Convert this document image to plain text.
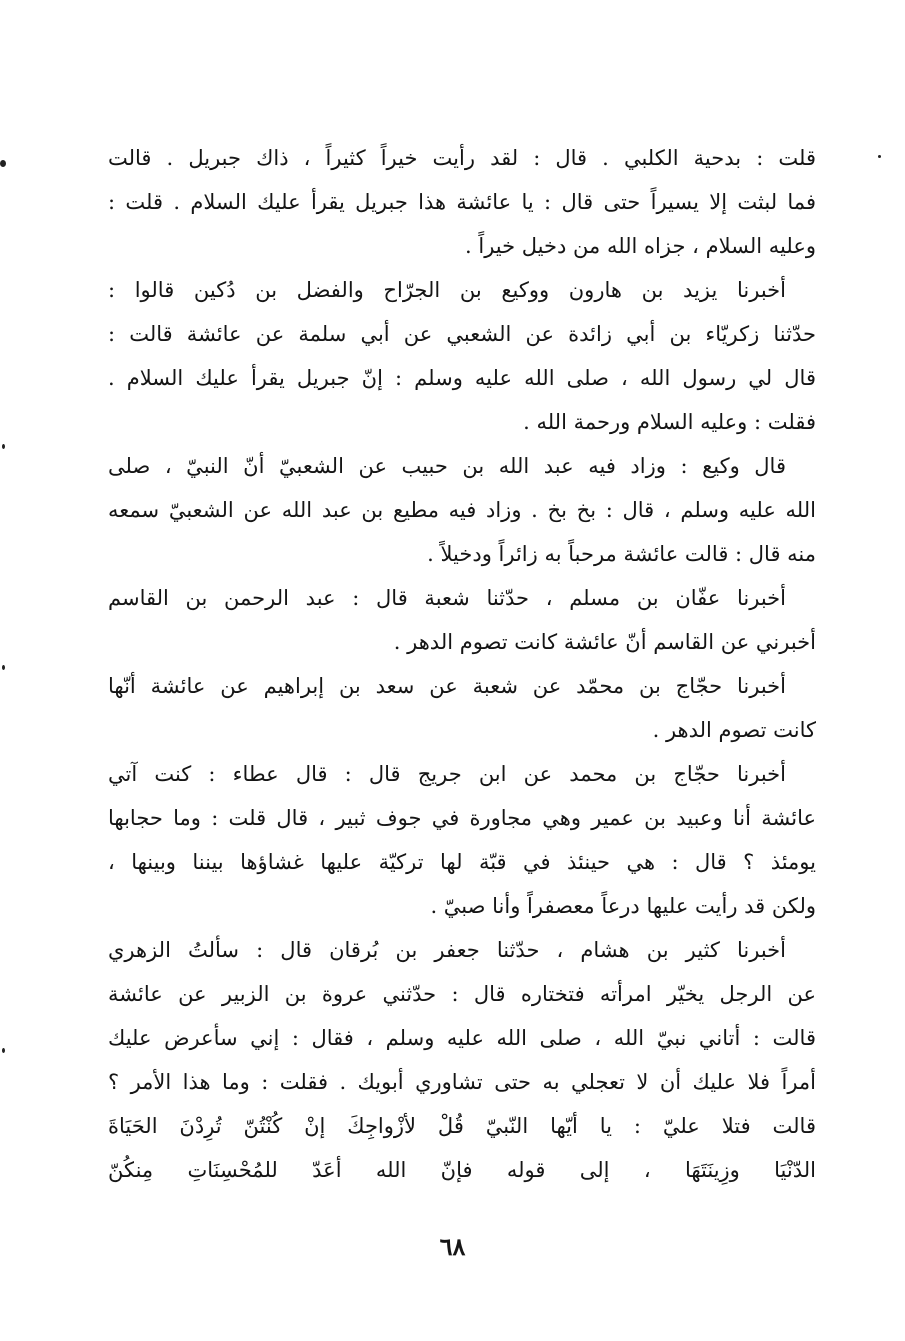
قلت : بدحية الكلبي . قال : لقد رأيت خيراً كثيراً ، ذاك جبريل . قالت
فما لبثت إلا يسيراً حتى قال : يا عائشة هذا جبريل يقرأ عليك السلام . قلت :
وعليه السلام ، جزاه الله من دخيل خيراً .
أخبرنا يزيد بن هارون ووكيع بن الجرّاح والفضل بن دُكين قالوا :
حدّثنا زكريّاء بن أبي زائدة عن الشعبي عن أبي سلمة عن عائشة قالت :
قال لي رسول الله ، صلى الله عليه وسلم : إنّ جبريل يقرأ عليك السلام .
فقلت : وعليه السلام ورحمة الله .
قال وكيع : وزاد فيه عبد الله بن حبيب عن الشعبيّ أنّ النبيّ ، صلى
الله عليه وسلم ، قال : بخ بخ . وزاد فيه مطيع بن عبد الله عن الشعبيّ سمعه
منه قال : قالت عائشة مرحباً به زائراً ودخيلاً .
أخبرنا عفّان بن مسلم ، حدّثنا شعبة قال : عبد الرحمن بن القاسم
أخبرني عن القاسم أنّ عائشة كانت تصوم الدهر .
أخبرنا حجّاج بن محمّد عن شعبة عن سعد بن إبراهيم عن عائشة أنّها
كانت تصوم الدهر .
أخبرنا حجّاج بن محمد عن ابن جريج قال : قال عطاء : كنت آتي
عائشة أنا وعبيد بن عمير وهي مجاورة في جوف ثبير ، قال قلت : وما حجابها
يومئذ ؟ قال : هي حينئذ في قبّة لها تركيّة عليها غشاؤها بيننا وبينها ،
ولكن قد رأيت عليها درعاً معصفراً وأنا صبيّ .
أخبرنا كثير بن هشام ، حدّثنا جعفر بن بُرقان قال : سألتُ الزهري
عن الرجل يخيّر امرأته فتختاره قال : حدّثني عروة بن الزبير عن عائشة
قالت : أتاني نبيّ الله ، صلى الله عليه وسلم ، فقال : إني سأعرض عليك
أمراً فلا عليك أن لا تعجلي به حتى تشاوري أبويك . فقلت : وما هذا الأمر ؟
قالت فتلا عليّ : يا أيّها النّبيّ قُلْ لأزْواجِكَ إنْ كُنْتُنّ تُرِدْنَ الحَيَاةَ
الدّنْيَا وزِينَتَهَا ، إلى قوله فإنّ الله أعَدّ للمُحْسِنَاتِ مِنكُنّ
٦٨
